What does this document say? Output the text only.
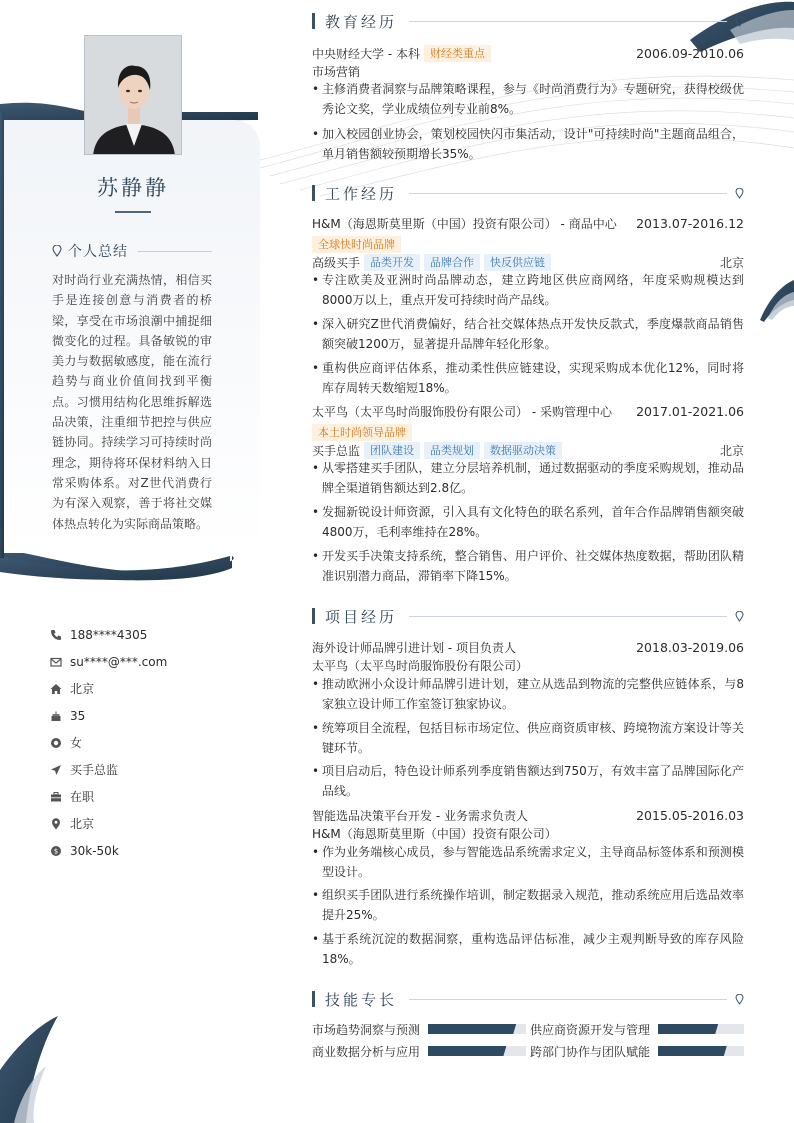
苏静静
个人总结
对时尚行业充满热情，相信买手是连接创意与消费者的桥梁，享受在市场浪潮中捕捉细微变化的过程。具备敏锐的审美力与数据敏感度，能在流行趋势与商业价值间找到平衡点。习惯用结构化思维拆解选品决策，注重细节把控与供应链协同。持续学习可持续时尚理念，期待将环保材料纳入日常采购体系。对Z世代消费行为有深入观察，善于将社交媒体热点转化为实际商品策略。
188****4305
su****@***.com
北京
35
女
买手总监
在职
北京
$ 30k-50k
教育经历
中央财经大学 - 本科 财经类重点	2006.09-2010.06
市场营销
• 主修消费者洞察与品牌策略课程，参与《时尚消费行为》专题研究，获得校级优秀论文奖，学业成绩位列专业前8%。
• 加入校园创业协会，策划校园快闪市集活动，设计"可持续时尚"主题商品组合，单月销售额较预期增长35%。
工作经历
H&M（海恩斯莫里斯（中国）投资有限公司） - 商品中心 2013.07-2016.12
全球快时尚品牌
高级买手 品类开发	品牌合作	快反供应链	北京
• 专注欧美及亚洲时尚品牌动态，建立跨地区供应商网络，年度采购规模达到8000万以上，重点开发可持续时尚产品线。
• 深入研究Z世代消费偏好，结合社交媒体热点开发快反款式，季度爆款商品销售额突破1200万，显著提升品牌年轻化形象。
• 重构供应商评估体系，推动柔性供应链建设，实现采购成本优化12%，同时将库存周转天数缩短18%。
太平鸟（太平鸟时尚服饰股份有限公司） - 采购管理中心 2017.01-2021.06
本土时尚领导品牌
买手总监 团队建设	品类规划	数据驱动决策	北京
• 从零搭建买手团队，建立分层培养机制，通过数据驱动的季度采购规划，推动品牌全渠道销售额达到2.8亿。
• 发掘新锐设计师资源，引入具有文化特色的联名系列，首年合作品牌销售额突破4800万，毛利率维持在28%。
• 开发买手决策支持系统，整合销售、用户评价、社交媒体热度数据，帮助团队精准识别潜力商品，滞销率下降15%。
项目经历
海外设计师品牌引进计划 - 项目负责人	2018.03-2019.06
太平鸟（太平鸟时尚服饰股份有限公司）
• 推动欧洲小众设计师品牌引进计划，建立从选品到物流的完整供应链体系，与8家独立设计师工作室签订独家协议。
• 统筹项目全流程，包括目标市场定位、供应商资质审核、跨境物流方案设计等关键环节。
• 项目启动后，特色设计师系列季度销售额达到750万，有效丰富了品牌国际化产品线。
智能选品决策平台开发 - 业务需求负责人	2015.05-2016.03
H&M（海恩斯莫里斯（中国）投资有限公司）
• 作为业务端核心成员，参与智能选品系统需求定义，主导商品标签体系和预测模型设计。
• 组织买手团队进行系统操作培训，制定数据录入规范，推动系统应用后选品效率提升25%。
• 基于系统沉淀的数据洞察，重构选品评估标准，减少主观判断导致的库存风险18%。
技能专长
市场趋势洞察与预测	供应商资源开发与管理
商业数据分析与应用	跨部门协作与团队赋能
